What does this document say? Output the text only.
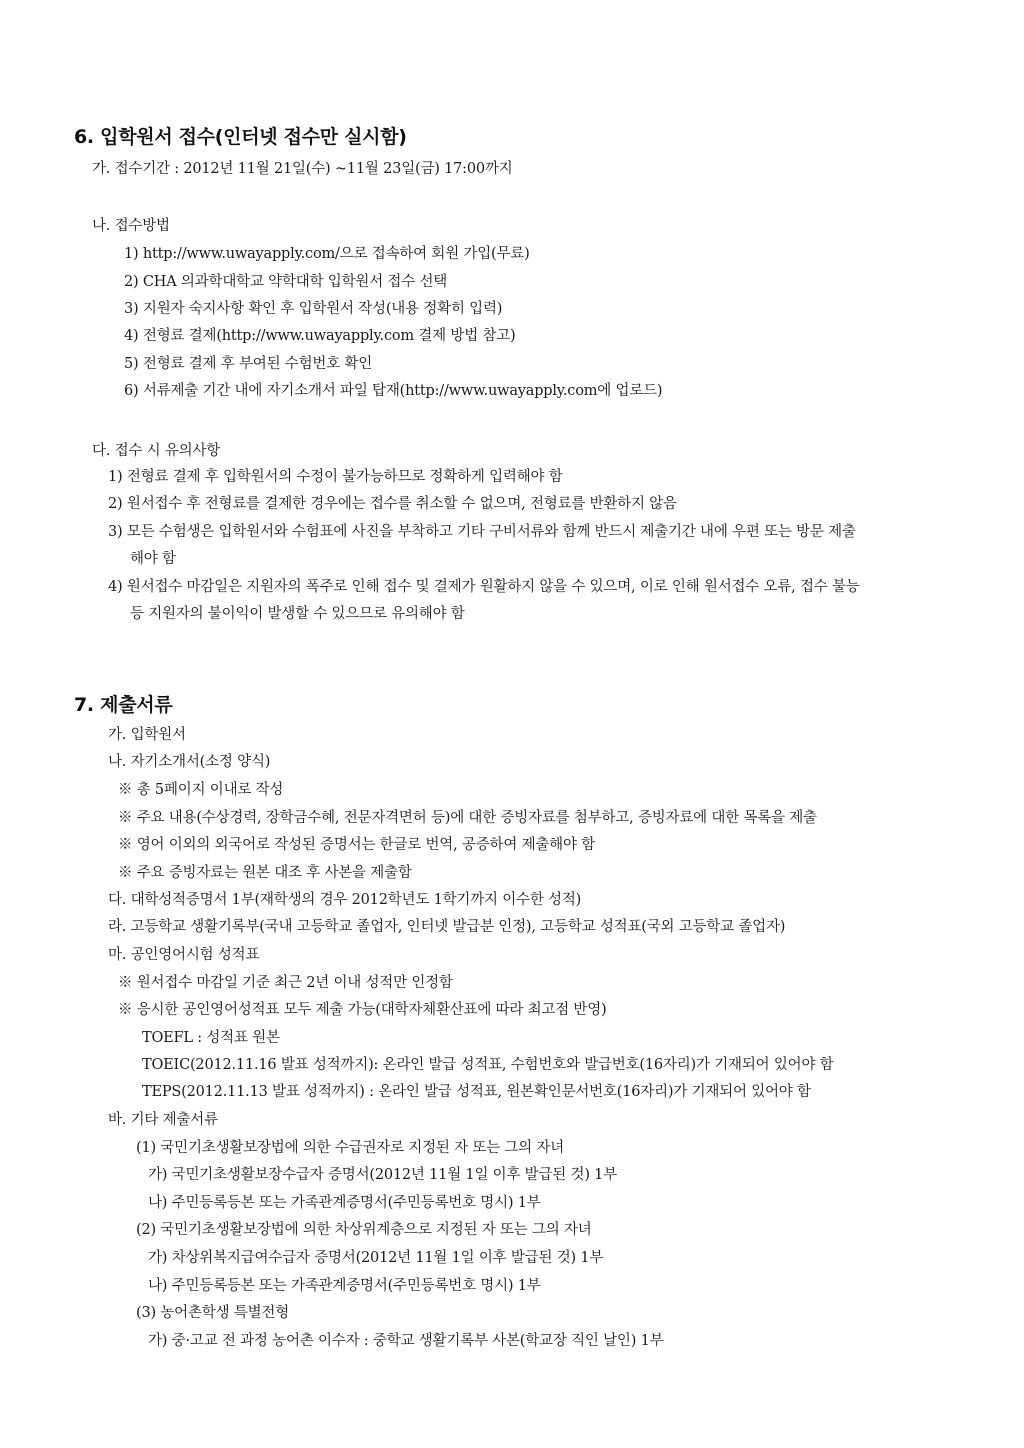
6. 입학원서 접수(인터넷 접수만 실시함)
가. 접수기간 : 2012년 11월 21일(수) ~11월 23일(금) 17:00까지
나. 접수방법
1) http://www.uwayapply.com/으로 접속하여 회원 가입(무료)
2) CHA 의과학대학교 약학대학 입학원서 접수 선택
3) 지원자 숙지사항 확인 후 입학원서 작성(내용 정확히 입력)
4) 전형료 결제(http://www.uwayapply.com 결제 방법 참고)
5) 전형료 결제 후 부여된 수험번호 확인
6) 서류제출 기간 내에 자기소개서 파일 탑재(http://www.uwayapply.com에 업로드)
다. 접수 시 유의사항
1) 전형료 결제 후 입학원서의 수정이 불가능하므로 정확하게 입력해야 함
2) 원서접수 후 전형료를 결제한 경우에는 접수를 취소할 수 없으며, 전형료를 반환하지 않음
3) 모든 수험생은 입학원서와 수험표에 사진을 부착하고 기타 구비서류와 함께 반드시 제출기간 내에 우편 또는 방문 제출
해야 함
4) 원서접수 마감일은 지원자의 폭주로 인해 접수 및 결제가 원활하지 않을 수 있으며, 이로 인해 원서접수 오류, 접수 불능
등 지원자의 불이익이 발생할 수 있으므로 유의해야 함
7. 제출서류
가. 입학원서
나. 자기소개서(소정 양식)
※ 총 5페이지 이내로 작성
※ 주요 내용(수상경력, 장학금수혜, 전문자격면허 등)에 대한 증빙자료를 첨부하고, 증빙자료에 대한 목록을 제출
※ 영어 이외의 외국어로 작성된 증명서는 한글로 번역, 공증하여 제출해야 함
※ 주요 증빙자료는 원본 대조 후 사본을 제출함
다. 대학성적증명서 1부(재학생의 경우 2012학년도 1학기까지 이수한 성적)
라. 고등학교 생활기록부(국내 고등학교 졸업자, 인터넷 발급분 인정), 고등학교 성적표(국외 고등학교 졸업자)
마. 공인영어시험 성적표
※ 원서접수 마감일 기준 최근 2년 이내 성적만 인정함
※ 응시한 공인영어성적표 모두 제출 가능(대학자체환산표에 따라 최고점 반영)
TOEFL : 성적표 원본
TOEIC(2012.11.16 발표 성적까지): 온라인 발급 성적표, 수험번호와 발급번호(16자리)가 기재되어 있어야 함
TEPS(2012.11.13 발표 성적까지) : 온라인 발급 성적표, 원본확인문서번호(16자리)가 기재되어 있어야 함
바. 기타 제출서류
(1) 국민기초생활보장법에 의한 수급권자로 지정된 자 또는 그의 자녀
가) 국민기초생활보장수급자 증명서(2012년 11월 1일 이후 발급된 것) 1부
나) 주민등록등본 또는 가족관계증명서(주민등록번호 명시) 1부
(2) 국민기초생활보장법에 의한 차상위계층으로 지정된 자 또는 그의 자녀
가) 차상위복지급여수급자 증명서(2012년 11월 1일 이후 발급된 것) 1부
나) 주민등록등본 또는 가족관계증명서(주민등록번호 명시) 1부
(3) 농어촌학생 특별전형
가) 중·고교 전 과정 농어촌 이수자 : 중학교 생활기록부 사본(학교장 직인 날인) 1부
